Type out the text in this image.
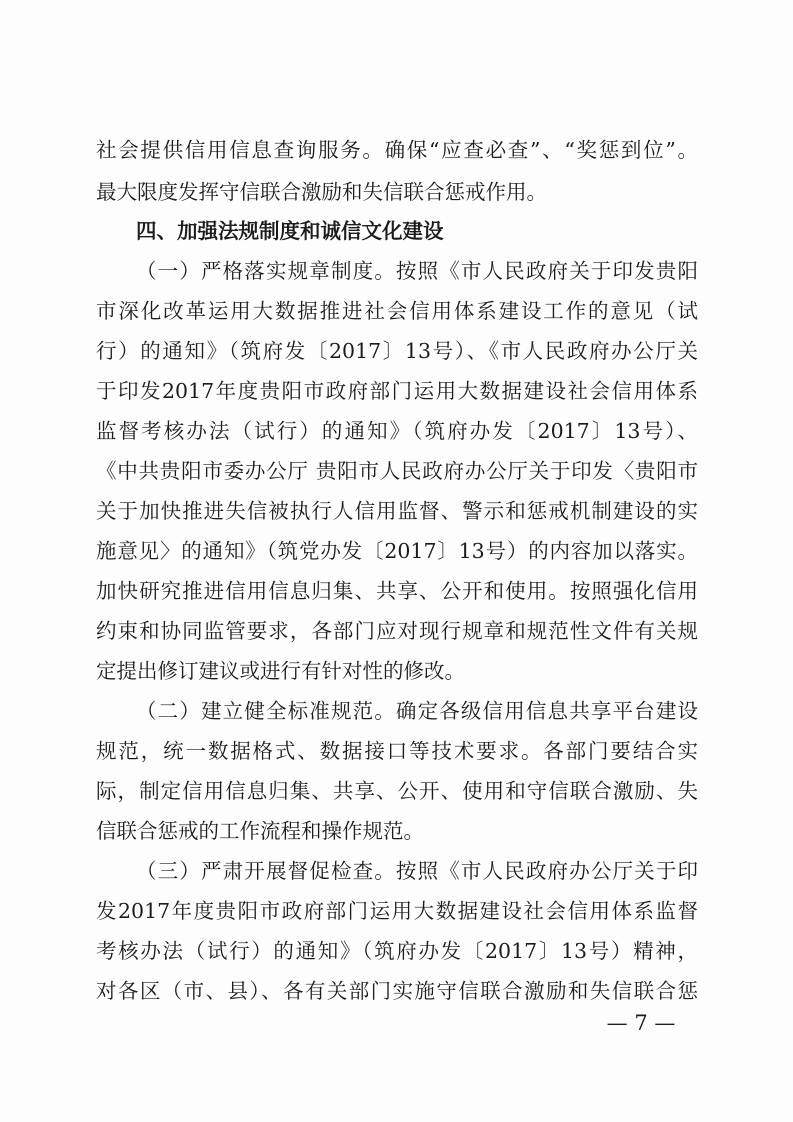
社会提供信用信息查询服务。确保“应查必查”、“奖惩到位”。
最大限度发挥守信联合激励和失信联合惩戒作用。
四、加强法规制度和诚信文化建设
（一）严格落实规章制度。按照《市人民政府关于印发贵阳
市深化改革运用大数据推进社会信用体系建设工作的意见（试
行）的通知》（筑府发〔2017〕13号）、《市人民政府办公厅关
于印发2017年度贵阳市政府部门运用大数据建设社会信用体系
监督考核办法（试行）的通知》（筑府办发〔2017〕13号）、
《中共贵阳市委办公厅 贵阳市人民政府办公厅关于印发〈贵阳市
关于加快推进失信被执行人信用监督、警示和惩戒机制建设的实
施意见〉的通知》（筑党办发〔2017〕13号）的内容加以落实。
加快研究推进信用信息归集、共享、公开和使用。按照强化信用
约束和协同监管要求，各部门应对现行规章和规范性文件有关规
定提出修订建议或进行有针对性的修改。
（二）建立健全标准规范。确定各级信用信息共享平台建设
规范，统一数据格式、数据接口等技术要求。各部门要结合实
际，制定信用信息归集、共享、公开、使用和守信联合激励、失
信联合惩戒的工作流程和操作规范。
（三）严肃开展督促检查。按照《市人民政府办公厅关于印
发2017年度贵阳市政府部门运用大数据建设社会信用体系监督
考核办法（试行）的通知》（筑府办发〔2017〕13号）精神，
对各区（市、县）、各有关部门实施守信联合激励和失信联合惩
— 7 —
